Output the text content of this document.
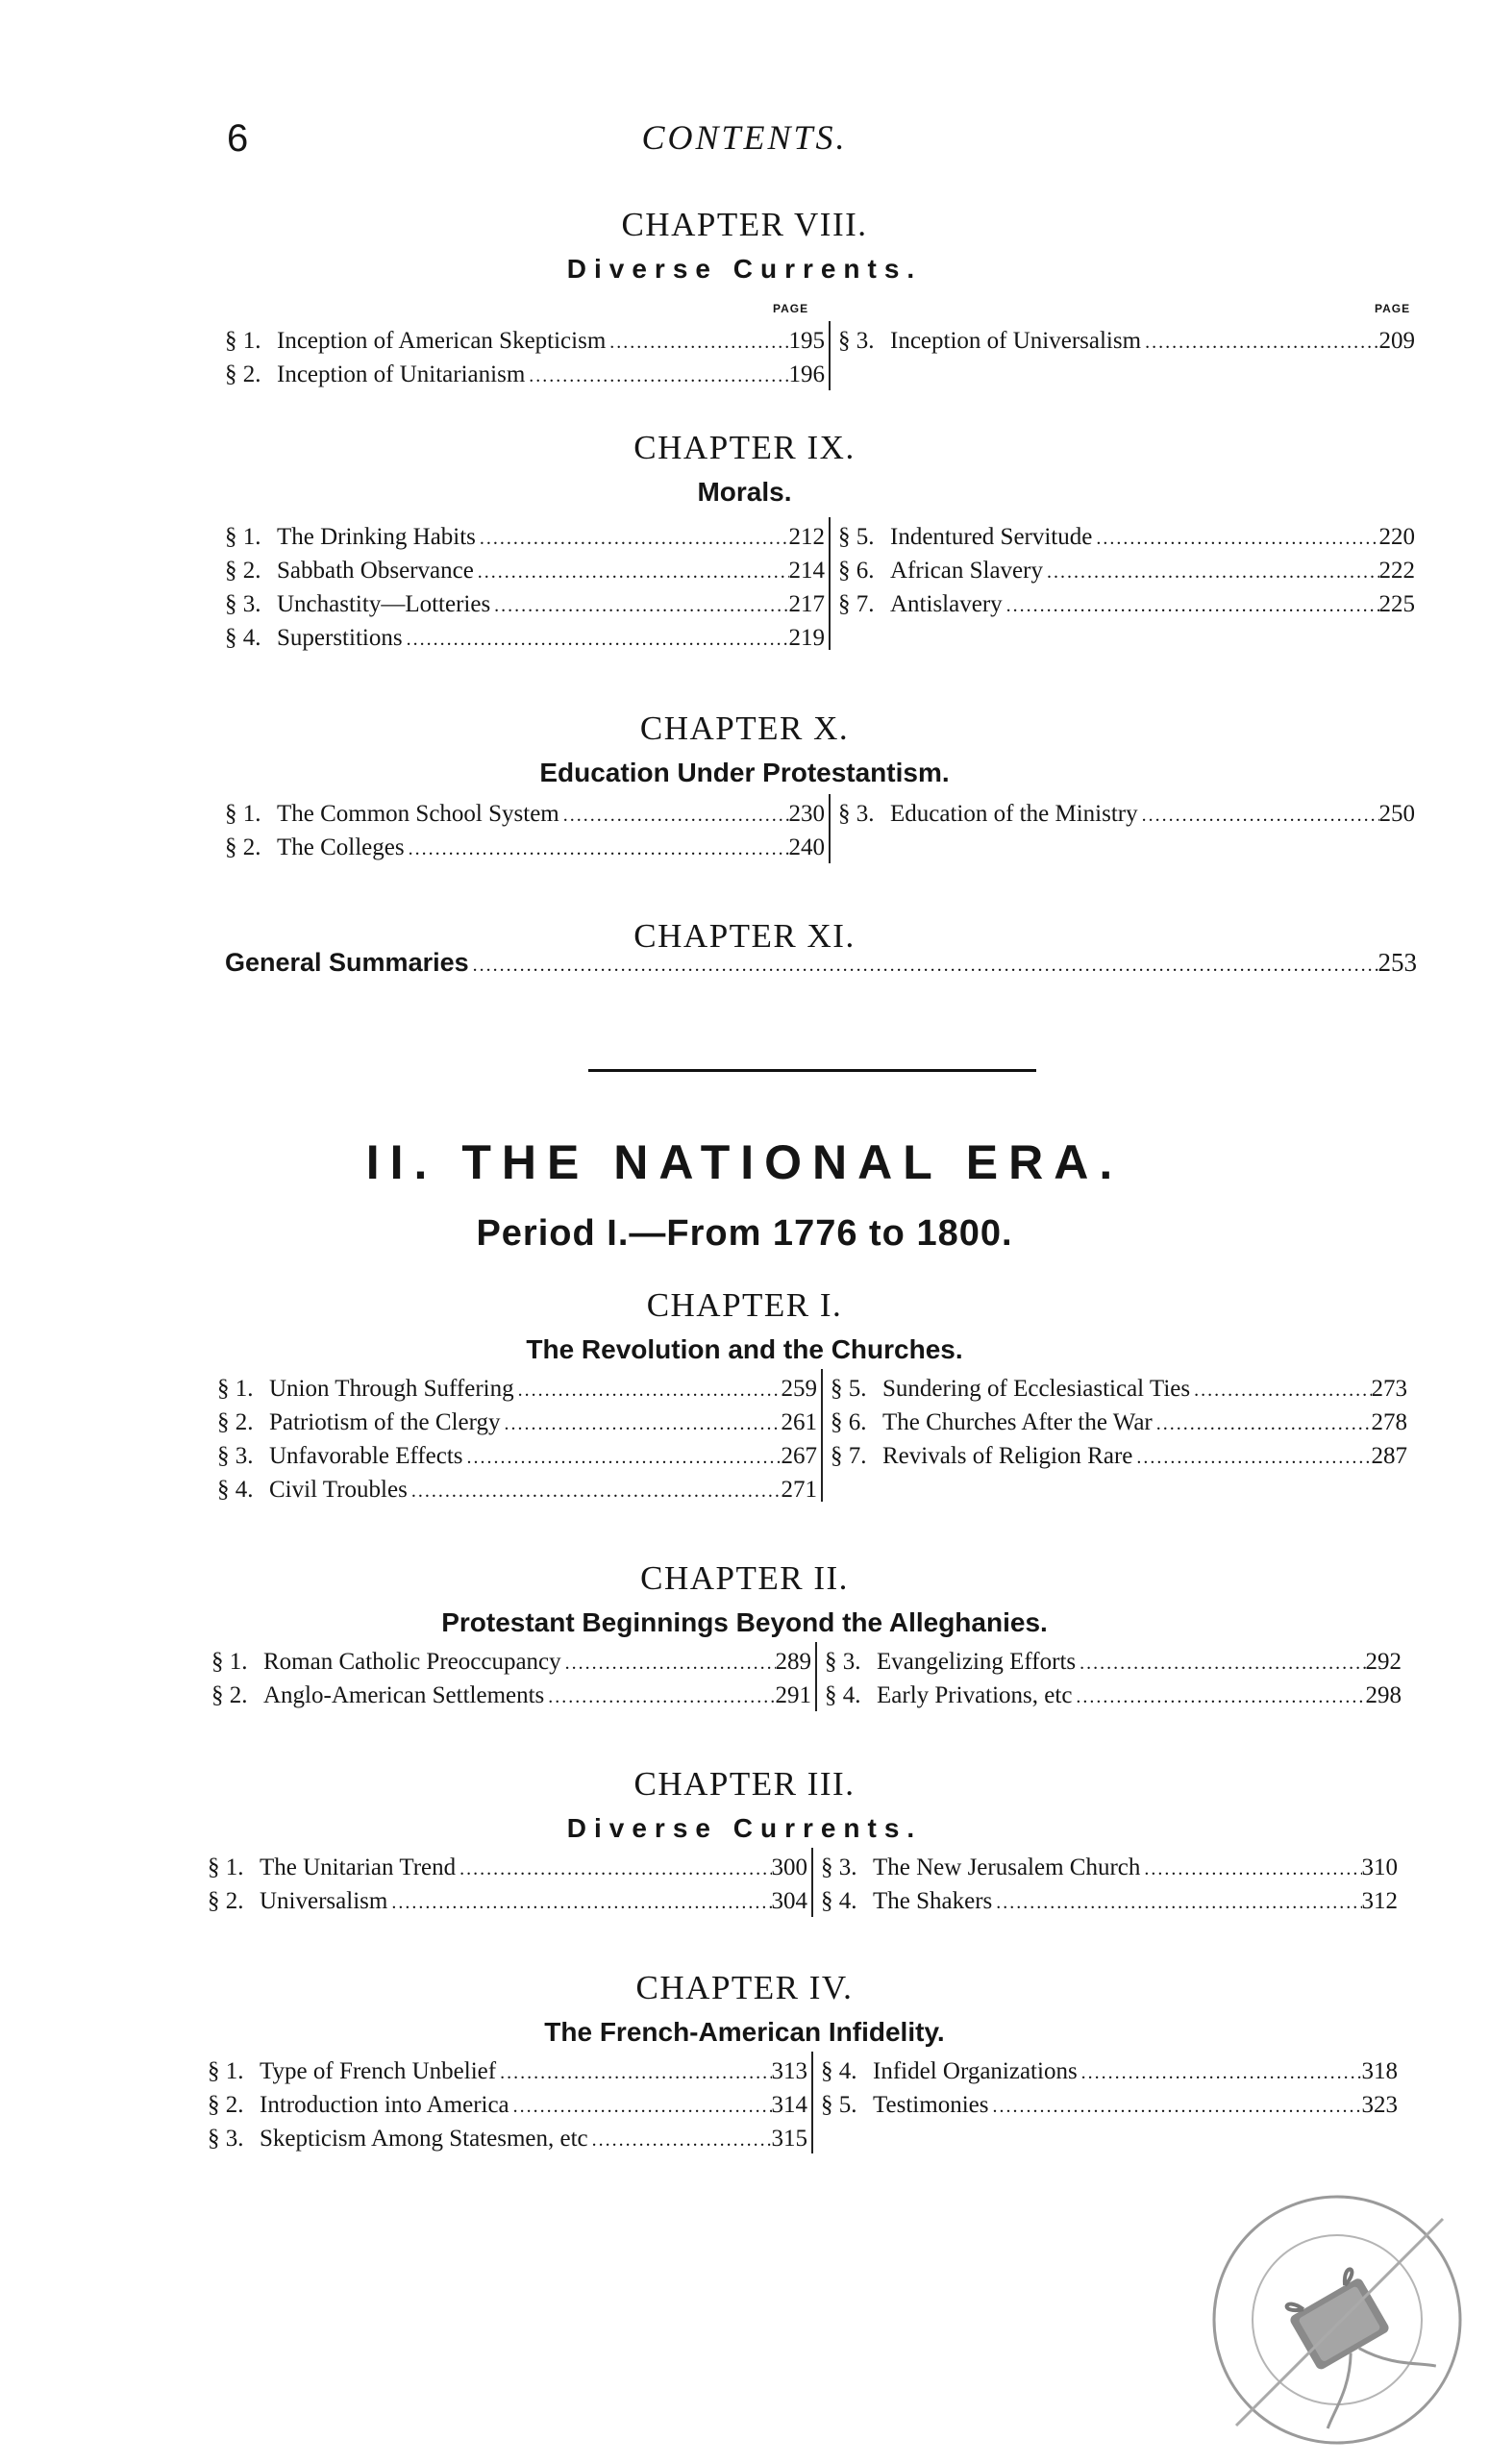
6	CONTENTS.
CHAPTER VIII.
Diverse Currents.
PAGE	PAGE
§ 1. Inception of American Skepticism .....	195
§ 2. Inception of Unitarianism .....	196
§ 3. Inception of Universalism .....	209
CHAPTER IX.
Morals.
§ 1. The Drinking Habits .....	212
§ 2. Sabbath Observance .....	214
§ 3. Unchastity—Lotteries .....	217
§ 4. Superstitions .....	219
§ 5. Indentured Servitude .....	220
§ 6. African Slavery .....	222
§ 7. Antislavery .....	225
CHAPTER X.
Education Under Protestantism.
§ 1. The Common School System .....	230
§ 2. The Colleges .....	240
§ 3. Education of the Ministry .....	250
CHAPTER XI.
General Summaries .....	253
II. THE NATIONAL ERA.
Period I.—From 1776 to 1800.
CHAPTER I.
The Revolution and the Churches.
§ 1. Union Through Suffering .....	259
§ 2. Patriotism of the Clergy .....	261
§ 3. Unfavorable Effects .....	267
§ 4. Civil Troubles .....	271
§ 5. Sundering of Ecclesiastical Ties .....	273
§ 6. The Churches After the War .....	278
§ 7. Revivals of Religion Rare .....	287
CHAPTER II.
Protestant Beginnings Beyond the Alleghanies.
§ 1. Roman Catholic Preoccupancy .....	289
§ 2. Anglo-American Settlements .....	291
§ 3. Evangelizing Efforts .....	292
§ 4. Early Privations, etc .....	298
CHAPTER III.
Diverse Currents.
§ 1. The Unitarian Trend .....	300
§ 2. Universalism .....	304
§ 3. The New Jerusalem Church .....	310
§ 4. The Shakers .....	312
CHAPTER IV.
The French-American Infidelity.
§ 1. Type of French Unbelief .....	313
§ 2. Introduction into America .....	314
§ 3. Skepticism Among Statesmen, etc .....	315
§ 4. Infidel Organizations .....	318
§ 5. Testimonies .....	323
